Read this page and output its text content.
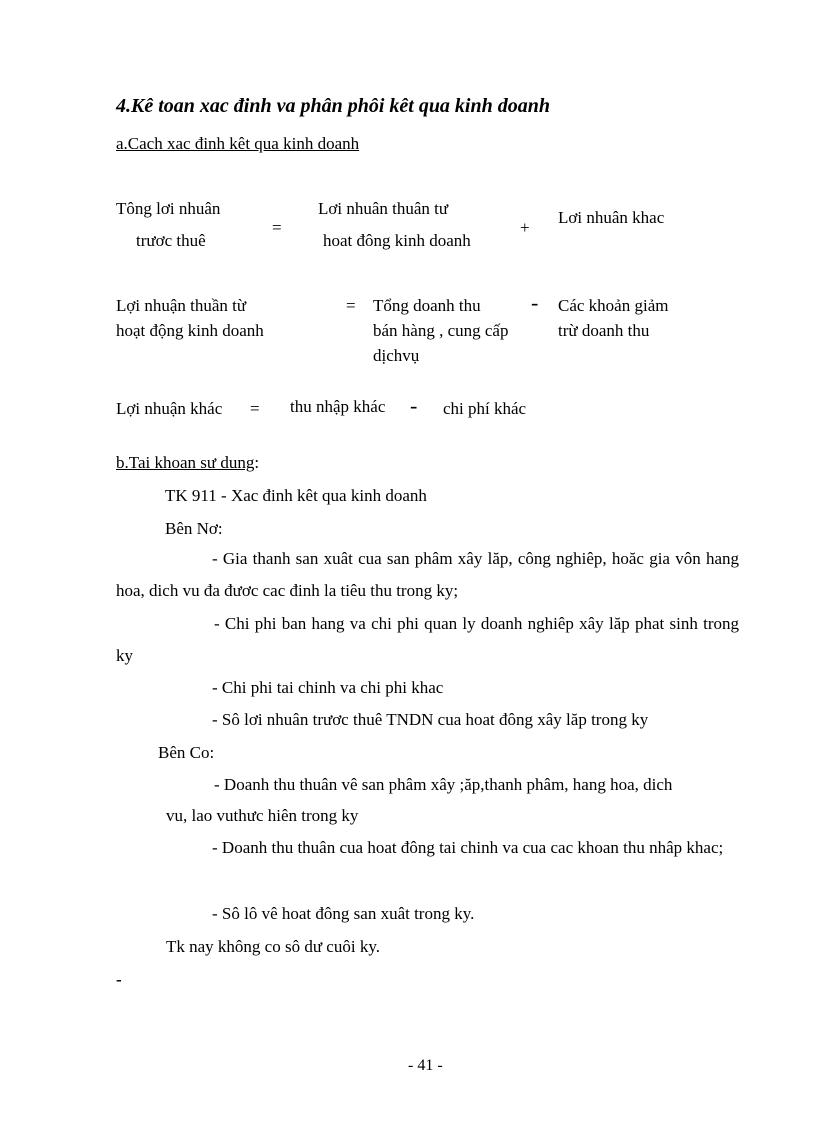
4.Kê toan xac đinh va phân phôi kêt qua kinh doanh
a.Cach xac đinh kêt qua kinh doanh
Tông lơi nhuân
trươc thuê
=
Lơi nhuân thuân tư
hoat đông kinh doanh
+
Lơi nhuân khac
Lợi nhuận thuần từ
hoạt động kinh doanh
= Tổng doanh thu
bán hàng , cung cấp
dịchvụ
- Các khoản giảm
trừ doanh thu
Lợi nhuận khác = thu nhập khác - chi phí khác
b.Tai khoan sư dung:
TK 911 - Xac đinh kêt qua kinh doanh
Bên Nơ:
- Gia thanh san xuât cua san phâm xây lăp, công nghiêp, hoăc gia vôn hang hoa, dich vu đa đươc cac đinh la tiêu thu trong ky;
- Chi phi ban hang va chi phi quan ly doanh nghiêp xây lăp phat sinh trong ky
- Chi phi tai chinh va chi phi khac
- Sô lơi nhuân trươc thuê TNDN cua hoat đông xây lăp trong ky
Bên Co:
- Doanh thu thuân vê san phâm xây ;ăp,thanh phâm, hang hoa, dich
vu, lao vuthưc hiên trong ky
- Doanh thu thuân cua hoat đông tai chinh va cua cac khoan thu nhâp khac;
- Sô lô vê hoat đông san xuât trong ky.
Tk nay không co sô dư cuôi ky.
-
- 41 -
